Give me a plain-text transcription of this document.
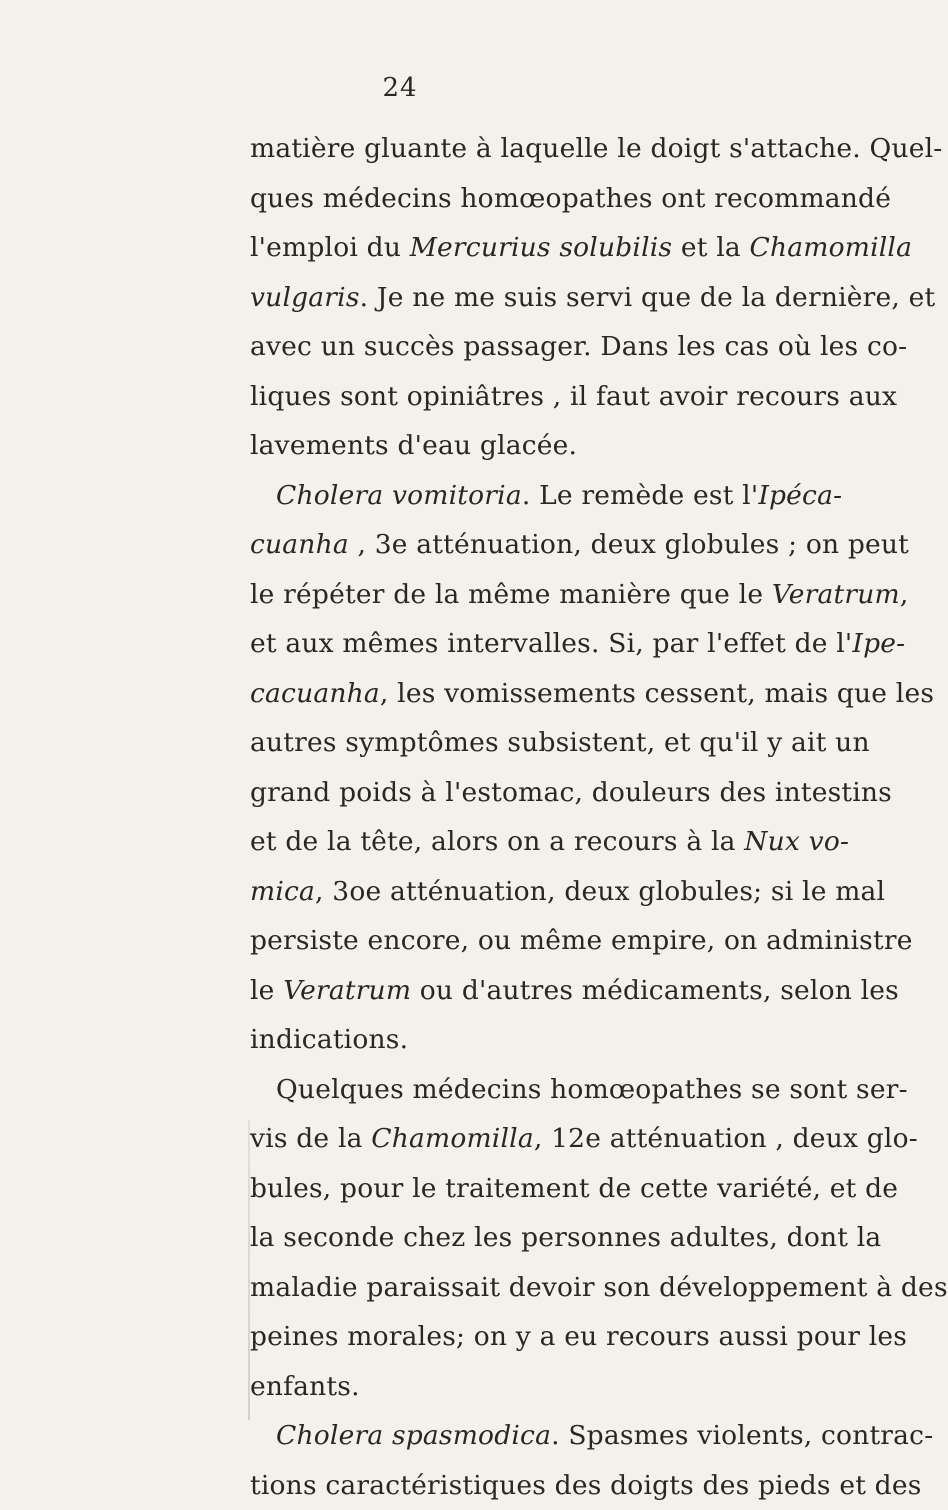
24
matière gluante à laquelle le doigt s'attache. Quel-
ques médecins homœopathes ont recommandé
l'emploi du Mercurius solubilis et la Chamomilla
vulgaris. Je ne me suis servi que de la dernière, et
avec un succès passager. Dans les cas où les co-
liques sont opiniâtres , il faut avoir recours aux
lavements d'eau glacée.
Cholera vomitoria. Le remède est l'Ipéca-
cuanha , 3e atténuation, deux globules ; on peut
le répéter de la même manière que le Veratrum,
et aux mêmes intervalles. Si, par l'effet de l'Ipe-
cacuanha, les vomissements cessent, mais que les
autres symptômes subsistent, et qu'il y ait un
grand poids à l'estomac, douleurs des intestins
et de la tête, alors on a recours à la Nux vo-
mica, 3oe atténuation, deux globules; si le mal
persiste encore, ou même empire, on administre
le Veratrum ou d'autres médicaments, selon les
indications.
Quelques médecins homœopathes se sont ser-
vis de la Chamomilla, 12e atténuation , deux glo-
bules, pour le traitement de cette variété, et de
la seconde chez les personnes adultes, dont la
maladie paraissait devoir son développement à des
peines morales; on y a eu recours aussi pour les
enfants.
Cholera spasmodica. Spasmes violents, contrac-
tions caractéristiques des doigts des pieds et des
